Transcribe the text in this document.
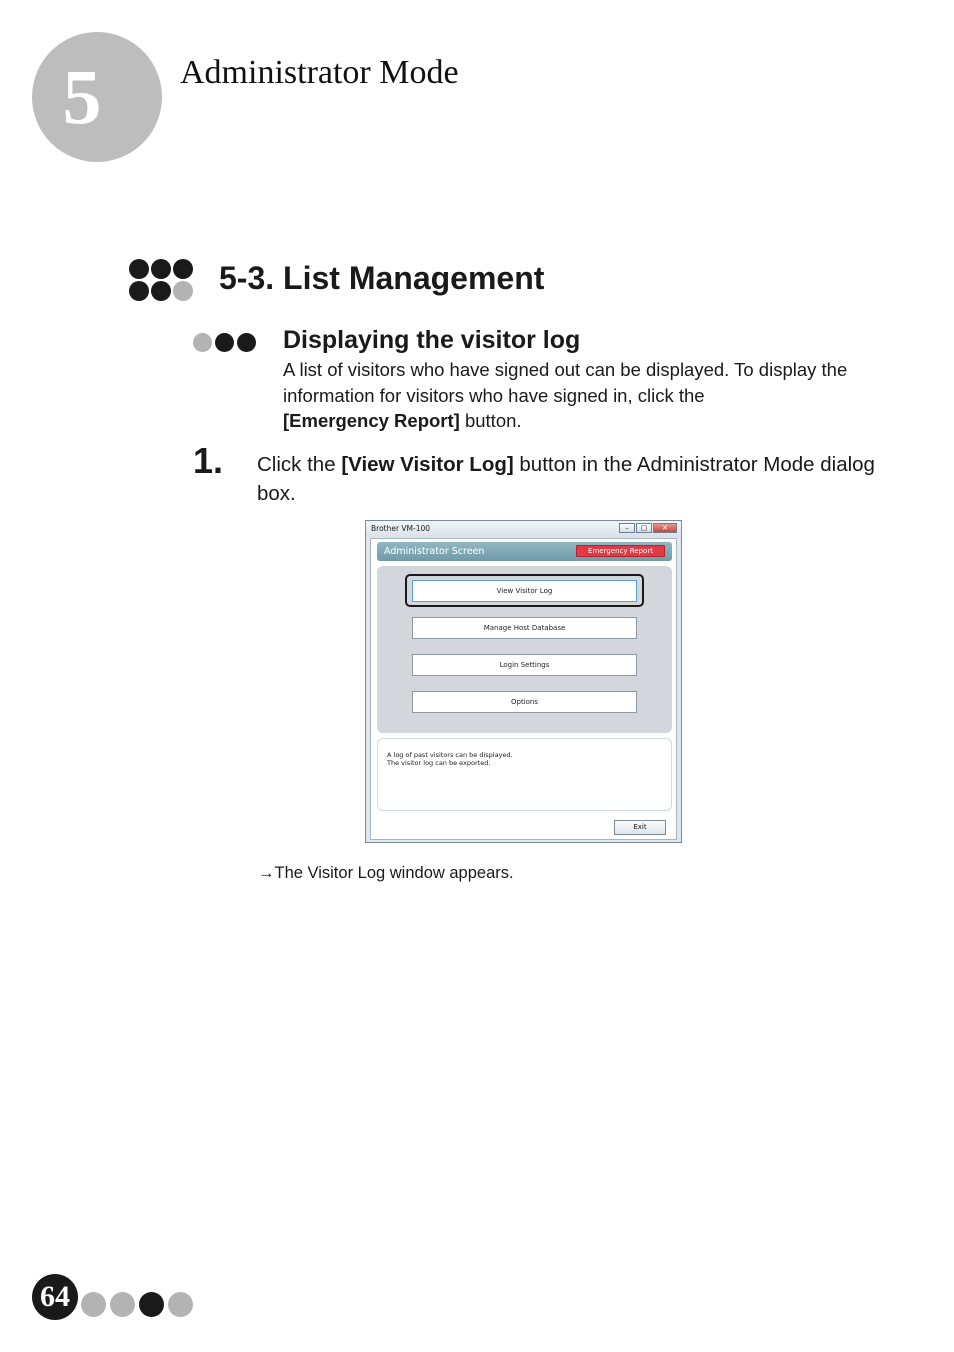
5	Administrator Mode
5-3. List Management
Displaying the visitor log
A list of visitors who have signed out can be displayed. To display the information for visitors who have signed in, click the
[Emergency Report] button.
1. Click the [View Visitor Log] button in the Administrator Mode dialog box.
Brother VM-100	–	□	✕
Administrator Screen	Emergency Report
View Visitor Log
Manage Host Database
Login Settings
Options
A log of past visitors can be displayed.
The visitor log can be exported.
Exit
→The Visitor Log window appears.
64
